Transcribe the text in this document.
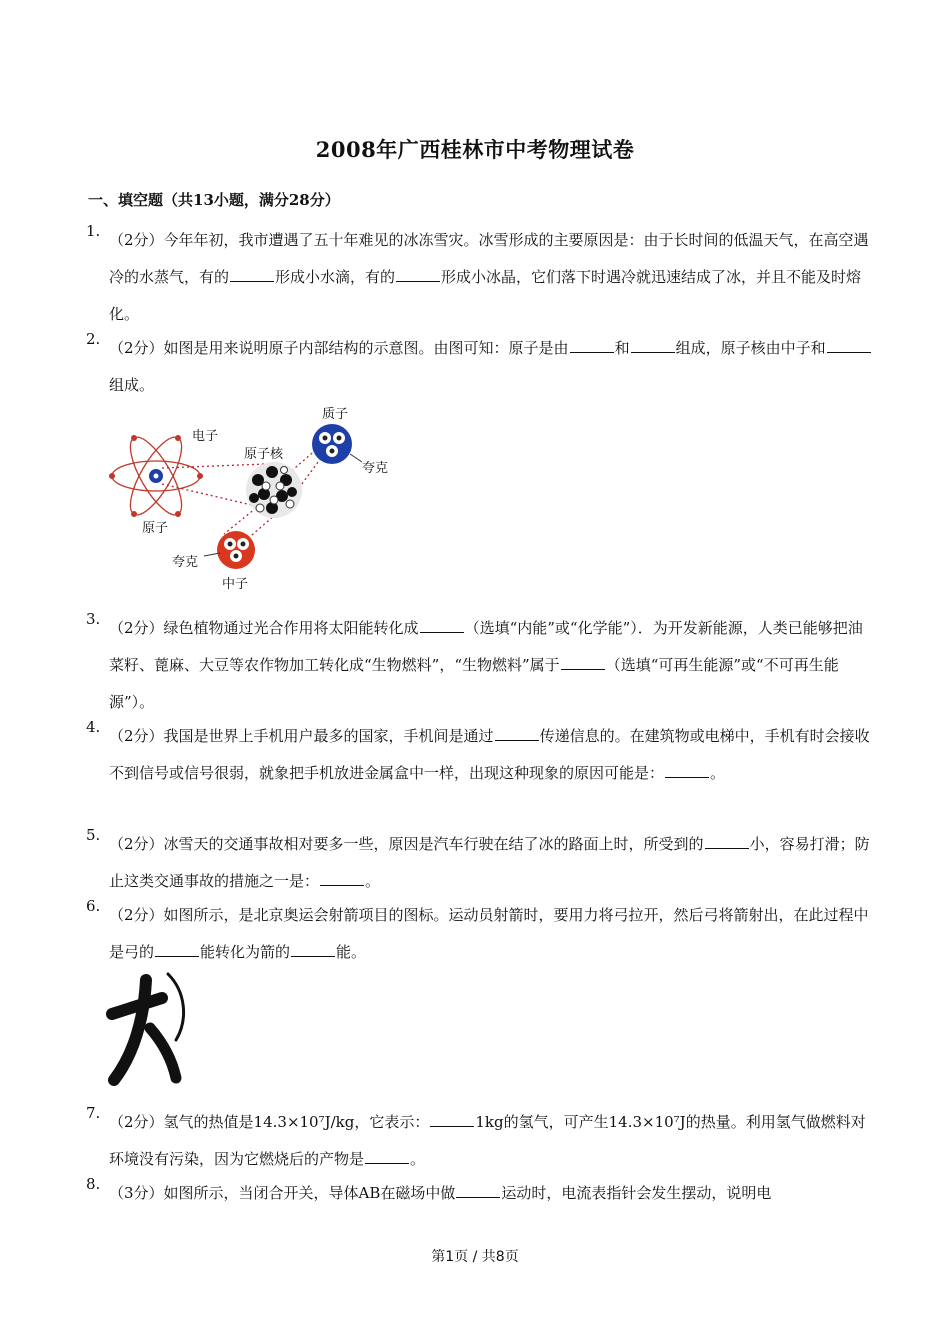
2008年广西桂林市中考物理试卷
一、填空题（共13小题，满分28分）
1. （2分）今年年初，我市遭遇了五十年难见的冰冻雪灾。冰雪形成的主要原因是：由于长时间的低温天气，在高空遇冷的水蒸气，有的	形成小水滴，有的	形成小冰晶，它们落下时遇冷就迅速结成了冰，并且不能及时熔化。
2. （2分）如图是用来说明原子内部结构的示意图。由图可知：原子是由	和	组成，原子核由中子和组成。
3. （2分）绿色植物通过光合作用将太阳能转化成	（选填“内能”或“化学能”）．为开发新能源，人类已能够把油菜籽、蓖麻、大豆等农作物加工转化成“生物燃料”，“生物燃料”属于	（选填“可再生能源”或“不可再生能源”）。
4. （2分）我国是世界上手机用户最多的国家，手机间是通过	传递信息的。在建筑物或电梯中，手机有时会接收不到信号或信号很弱，就象把手机放进金属盒中一样，出现这种现象的原因可能是：	。
5. （2分）冰雪天的交通事故相对要多一些，原因是汽车行驶在结了冰的路面上时，所受到的	小，容易打滑；防止这类交通事故的措施之一是：	。
6. （2分）如图所示，是北京奥运会射箭项目的图标。运动员射箭时，要用力将弓拉开，然后弓将箭射出，在此过程中是弓的	能转化为箭的	能。
7. （2分）氢气的热值是14.3×10⁷J/kg，它表示：	1kg的氢气，可产生14.3×10⁷J的热量。利用氢气做燃料对环境没有污染，因为它燃烧后的产物是	。
8. （3分）如图所示，当闭合开关，导体AB在磁场中做	运动时，电流表指针会发生摆动，说明电
电子
原子核
质子
夸克
原子
夸克
中子
第1页 / 共8页
